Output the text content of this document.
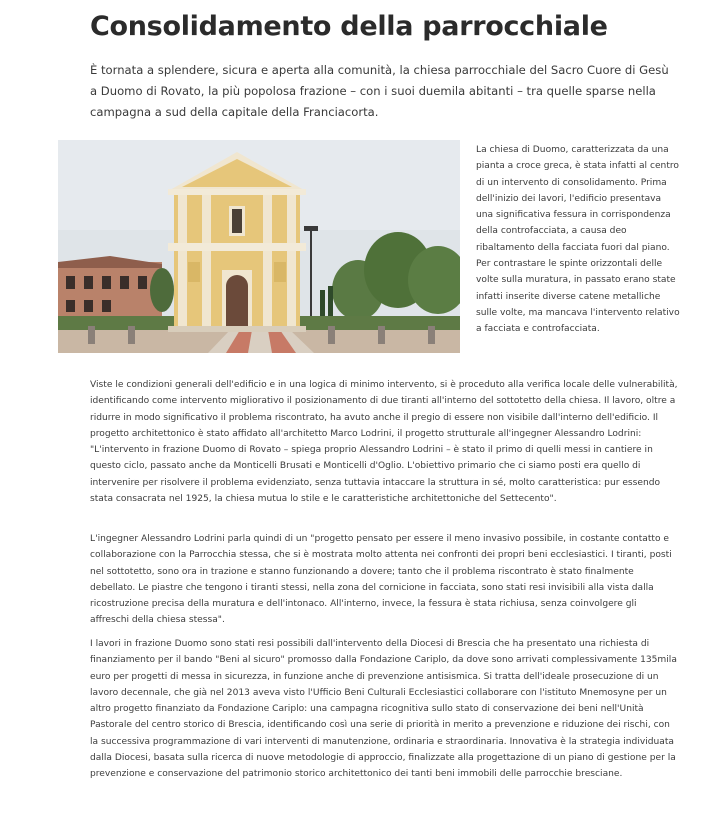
Consolidamento della parrocchiale

È tornata a splendere, sicura e aperta alla comunità, la chiesa parrocchiale del Sacro Cuore di Gesù a Duomo di Rovato, la più popolosa frazione – con i suoi duemila abitanti – tra quelle sparse nella campagna a sud della capitale della Franciacorta.

La chiesa di Duomo, caratterizzata da una pianta a croce greca, è stata infatti al centro di un intervento di consolidamento. Prima dell'inizio dei lavori, l'edificio presentava una significativa fessura in corrispondenza della controfacciata, a causa deo ribaltamento della facciata fuori dal piano. Per contrastare le spinte orizzontali delle volte sulla muratura, in passato erano state infatti inserite diverse catene metalliche sulle volte, ma mancava l'intervento relativo a facciata e controfacciata.

Viste le condizioni generali dell'edificio e in una logica di minimo intervento, si è proceduto alla verifica locale delle vulnerabilità, identificando come intervento migliorativo il posizionamento di due tiranti all'interno del sottotetto della chiesa. Il lavoro, oltre a ridurre in modo significativo il problema riscontrato, ha avuto anche il pregio di essere non visibile dall'interno dell'edificio. Il progetto architettonico è stato affidato all'architetto Marco Lodrini, il progetto strutturale all'ingegner Alessandro Lodrini: "L'intervento in frazione Duomo di Rovato – spiega proprio Alessandro Lodrini – è stato il primo di quelli messi in cantiere in questo ciclo, passato anche da Monticelli Brusati e Monticelli d'Oglio. L'obiettivo primario che ci siamo posti era quello di intervenire per risolvere il problema evidenziato, senza tuttavia intaccare la struttura in sé, molto caratteristica: pur essendo stata consacrata nel 1925, la chiesa mutua lo stile e le caratteristiche architettoniche del Settecento".

L'ingegner Alessandro Lodrini parla quindi di un "progetto pensato per essere il meno invasivo possibile, in costante contatto e collaborazione con la Parrocchia stessa, che si è mostrata molto attenta nei confronti dei propri beni ecclesiastici. I tiranti, posti nel sottotetto, sono ora in trazione e stanno funzionando a dovere; tanto che il problema riscontrato è stato finalmente debellato. Le piastre che tengono i tiranti stessi, nella zona del cornicione in facciata, sono stati resi invisibili alla vista dalla ricostruzione precisa della muratura e dell'intonaco. All'interno, invece, la fessura è stata richiusa, senza coinvolgere gli affreschi della chiesa stessa".

I lavori in frazione Duomo sono stati resi possibili dall'intervento della Diocesi di Brescia che ha presentato una richiesta di finanziamento per il bando "Beni al sicuro" promosso dalla Fondazione Cariplo, da dove sono arrivati complessivamente 135mila euro per progetti di messa in sicurezza, in funzione anche di prevenzione antisismica. Si tratta dell'ideale prosecuzione di un lavoro decennale, che già nel 2013 aveva visto l'Ufficio Beni Culturali Ecclesiastici collaborare con l'istituto Mnemosyne per un altro progetto finanziato da Fondazione Cariplo: una campagna ricognitiva sullo stato di conservazione dei beni nell'Unità Pastorale del centro storico di Brescia, identificando così una serie di priorità in merito a prevenzione e riduzione dei rischi, con la successiva programmazione di vari interventi di manutenzione, ordinaria e straordinaria. Innovativa è la strategia individuata dalla Diocesi, basata sulla ricerca di nuove metodologie di approccio, finalizzate alla progettazione di un piano di gestione per la prevenzione e conservazione del patrimonio storico architettonico dei tanti beni immobili delle parrocchie bresciane.
